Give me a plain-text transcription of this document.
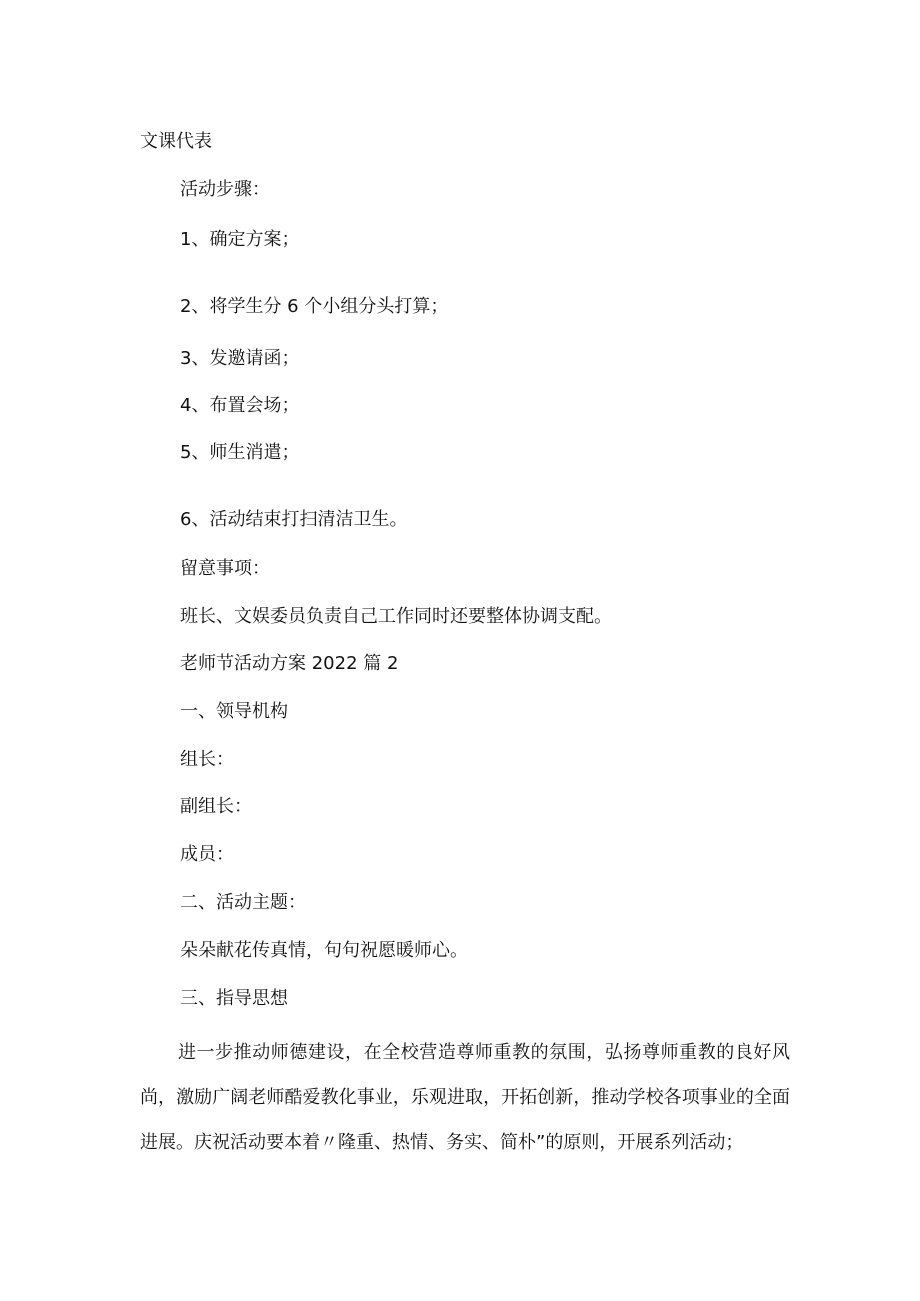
文课代表
活动步骤：
1、确定方案；
2、将学生分 6 个小组分头打算；
3、发邀请函；
4、布置会场；
5、师生消遣；
6、活动结束打扫清洁卫生。
留意事项：
班长、文娱委员负责自己工作同时还要整体协调支配。
老师节活动方案 2022 篇 2
一、领导机构
组长：
副组长：
成员：
二、活动主题：
朵朵献花传真情，句句祝愿暖师心。
三、指导思想
进一步推动师德建设，在全校营造尊师重教的氛围，弘扬尊师重教的良好风尚，激励广阔老师酷爱教化事业，乐观进取，开拓创新，推动学校各项事业的全面进展。庆祝活动要本着〃隆重、热情、务实、简朴”的原则，开展系列活动；
